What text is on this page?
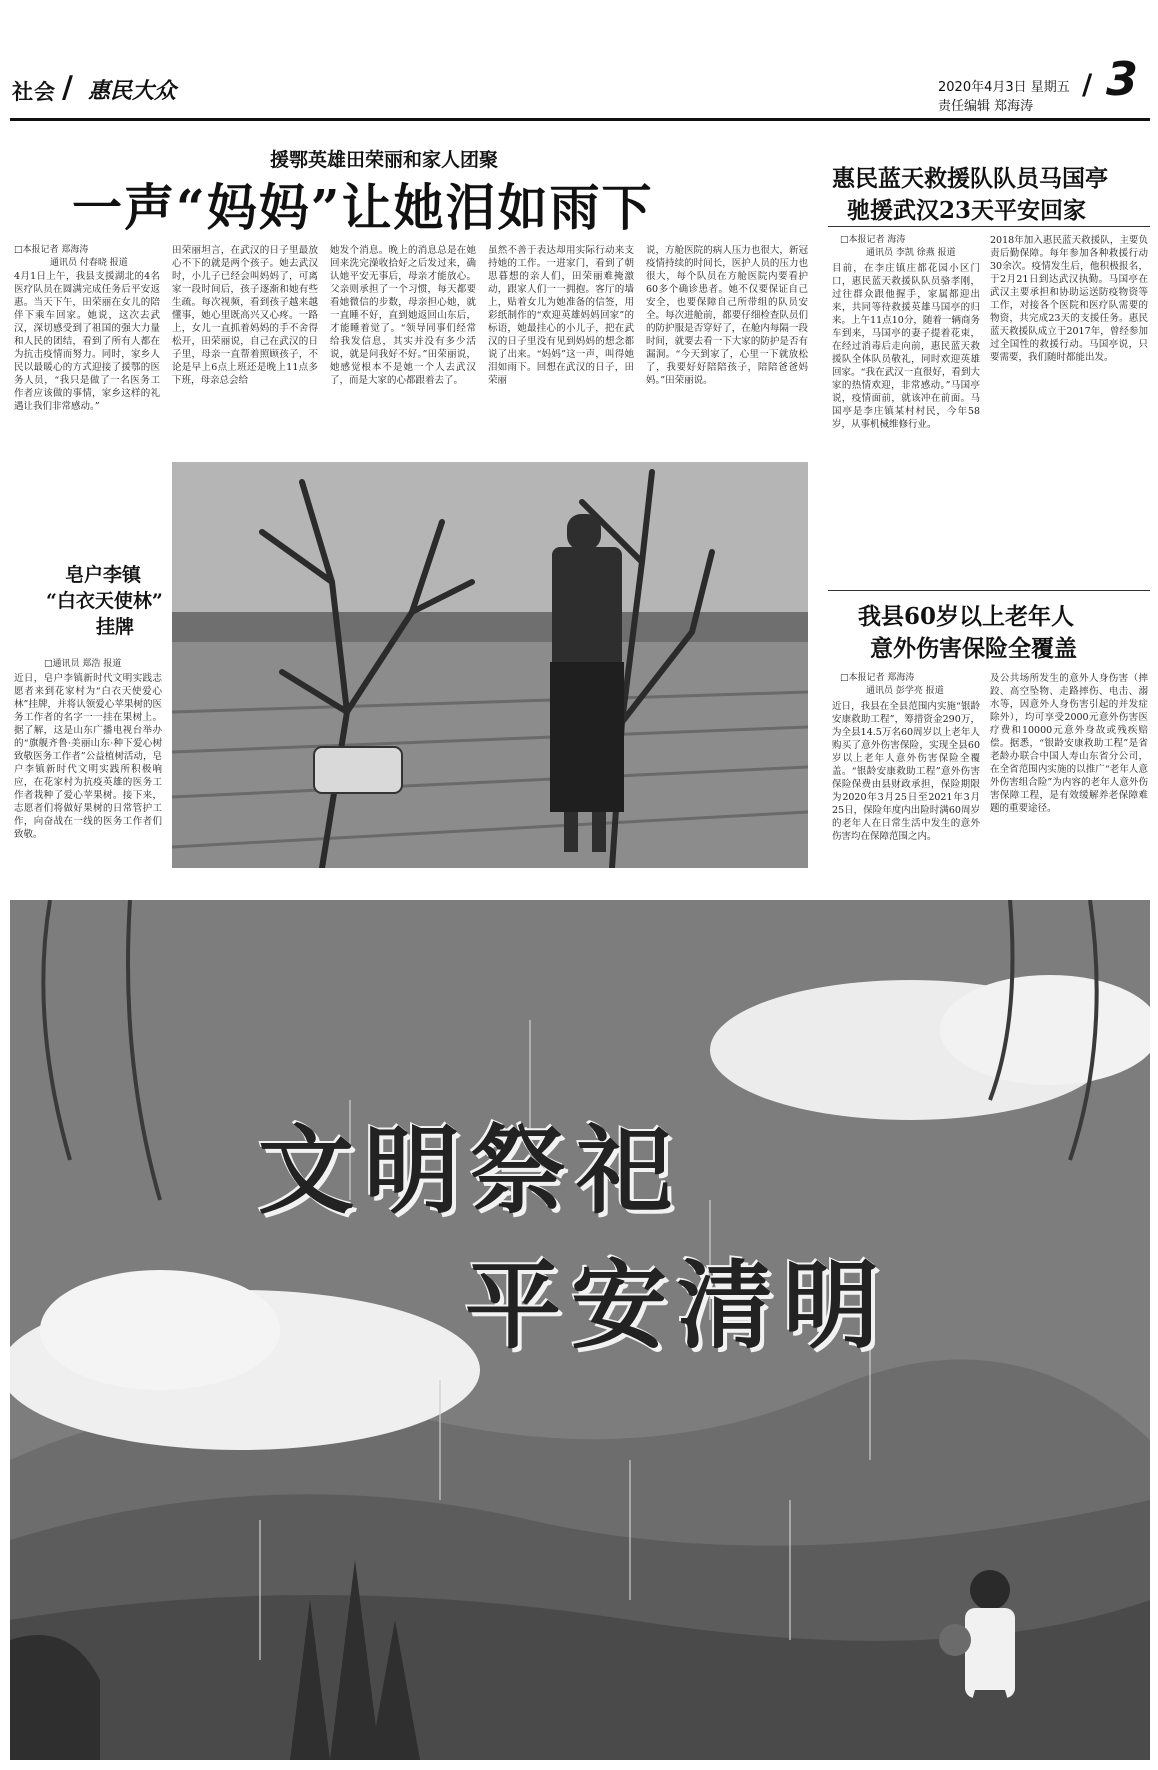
社会 / 惠民大众	2020年4月3日 星期五
责任编辑 郑海涛
/ 3
援鄂英雄田荣丽和家人团聚
一声“妈妈”让她泪如雨下
□本报记者 郑海涛
通讯员 付春晓 报道
4月1日上午，我县支援湖北的4名医疗队员在圆满完成任务后平安返惠。当天下午，田荣丽在女儿的陪伴下乘车回家。她说，这次去武汉，深切感受到了祖国的强大力量和人民的团结，看到了所有人都在为抗击疫情而努力。同时，家乡人民以最暖心的方式迎接了援鄂的医务人员，“我只是做了一名医务工作者应该做的事情，家乡这样的礼遇让我们非常感动。”
田荣丽坦言，在武汉的日子里最放心不下的就是两个孩子。她去武汉时，小儿子已经会叫妈妈了，可离家一段时间后，孩子逐渐和她有些生疏。每次视频，看到孩子越来越懂事，她心里既高兴又心疼。一路上，女儿一直抓着妈妈的手不舍得松开，田荣丽说，自己在武汉的日子里，母亲一直帮着照顾孩子，不论是早上6点上班还是晚上11点多下班，母亲总会给
她发个消息。晚上的消息总是在她回来洗完澡收拾好之后发过来，确认她平安无事后，母亲才能放心。父亲则承担了一个习惯，每天都要看她微信的步数，母亲担心她，就一直睡不好，直到她返回山东后，才能睡着觉了。“领导同事们经常给我发信息，其实并没有多少活说，就是问我好不好。”田荣丽说，她感觉根本不是她一个人去武汉了，而是大家的心都跟着去了。
虽然不善于表达却用实际行动来支持她的工作。一进家门，看到了朝思暮想的亲人们，田荣丽难掩激动，跟家人们一一拥抱。客厅的墙上，贴着女儿为她准备的信签，用彩纸制作的“欢迎英雄妈妈回家”的标语，她最挂心的小儿子，把在武汉的日子里没有见到妈妈的想念都说了出来。“妈妈”这一声，叫得她泪如雨下。回想在武汉的日子，田荣丽
说，方舱医院的病人压力也很大，新冠疫情持续的时间长，医护人员的压力也很大，每个队员在方舱医院内要看护60多个确诊患者。她不仅要保证自己安全，也要保障自己所带组的队员安全。每次进舱前，都要仔细检查队员们的防护服是否穿好了，在舱内每隔一段时间，就要去看一下大家的防护是否有漏洞。“今天到家了，心里一下就放松了，我要好好陪陪孩子，陪陪爸爸妈妈。”田荣丽说。
惠民蓝天救援队队员马国亭
驰援武汉23天平安回家
□本报记者 海涛
通讯员 李凯 徐燕 报道
目前，在李庄镇庄都花园小区门口，惠民蓝天救援队队员骆孝刚，过往群众跟他握手，家属都迎出来，共同等待救援英雄马国亭的归来。上午11点10分，随着一辆商务车到来，马国亭的妻子提着花束，在经过消毒后走向前，惠民蓝天救援队全体队员敬礼，同时欢迎英雄回家。“我在武汉一直很好，看到大家的热情欢迎，非常感动。”马国亭说，疫情面前，就该冲在前面。马国亭是李庄镇某村村民，今年58岁，从事机械维修行业。
2018年加入惠民蓝天救援队，主要负责后勤保障。每年参加各种救援行动30余次。疫情发生后，他积极报名，于2月21日到达武汉执勤。马国亭在武汉主要承担和协助运送防疫物资等工作，对接各个医院和医疗队需要的物资，共完成23天的支援任务。惠民蓝天救援队成立于2017年，曾经参加过全国性的救援行动。马国亭说，只要需要，我们随时都能出发。
我县60岁以上老年人
意外伤害保险全覆盖
□本报记者 郑海涛
通讯员 彭学亮 报道
近日，我县在全县范围内实施“银龄安康救助工程”，筹措资金290万，为全县14.5万名60周岁以上老年人购买了意外伤害保险，实现全县60岁以上老年人意外伤害保险全覆盖。“银龄安康救助工程”意外伤害保险保费由县财政承担，保险期限为2020年3月25日至2021年3月25日，保险年度内出险时满60周岁的老年人在日常生活中发生的意外伤害均在保障范围之内。
及公共场所发生的意外人身伤害（摔跤、高空坠物、走路摔伤、电击、溺水等，因意外人身伤害引起的并发症除外），均可享受2000元意外伤害医疗费和10000元意外身故或残疾赔偿。据悉，“银龄安康救助工程”是省老龄办联合中国人寿山东省分公司，在全省范围内实施的以推广“老年人意外伤害组合险”为内容的老年人意外伤害保障工程，是有效缓解养老保障难题的重要途径。
皂户李镇
“白衣天使林”
挂牌
□通讯员 郑浩 报道
近日，皂户李镇新时代文明实践志愿者来到花家村为“白衣天使爱心林”挂牌，并将认领爱心苹果树的医务工作者的名字一一挂在果树上。据了解，这是山东广播电视台举办的“旗舰齐鲁·美丽山东·种下爱心树致敬医务工作者”公益植树活动，皂户李镇新时代文明实践所积极响应，在花家村为抗疫英雄的医务工作者栽种了爱心苹果树。接下来，志愿者们将做好果树的日常管护工作，向奋战在一线的医务工作者们致敬。
文明祭祀
平安清明
